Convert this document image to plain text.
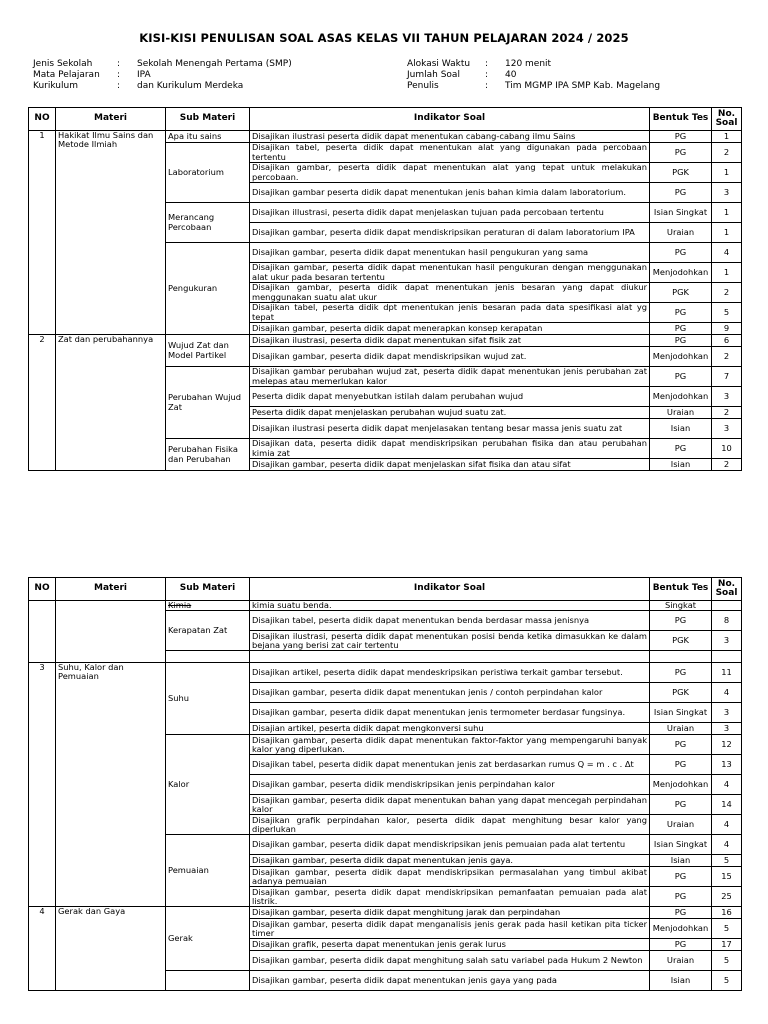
KISI-KISI PENULISAN SOAL ASAS KELAS VII TAHUN PELAJARAN 2024 / 2025
Jenis Sekolah	:	Sekolah Menengah Pertama (SMP)
Mata Pelajaran	:	IPA
Kurikulum	:	dan Kurikulum Merdeka
Alokasi Waktu	:	120 menit
Jumlah Soal	:	40
Penulis	:	Tim MGMP IPA SMP Kab. Magelang
NO	Materi	Sub Materi	Indikator Soal	Bentuk Tes	No. Soal
1	Hakikat Ilmu Sains dan Metode Ilmiah	Apa itu sains	Disajikan ilustrasi peserta didik dapat menentukan cabang-cabang ilmu Sains	PG	1
		Laboratorium	Disajikan tabel, peserta didik dapat menentukan alat yang digunakan pada percobaan tertentu	PG	2
			Disajikan gambar, peserta didik dapat menentukan alat yang tepat untuk melakukan percobaan.	PGK	1
			Disajikan gambar peserta didik dapat menentukan jenis bahan kimia dalam laboratorium.	PG	3
		Merancang Percobaan	Disajikan illustrasi, peserta didik dapat menjelaskan tujuan pada percobaan tertentu	Isian Singkat	1
			Disajikan gambar, peserta didik dapat mendiskripsikan peraturan di dalam laboratorium IPA	Uraian	1
		Pengukuran	Disajikan gambar, peserta didik dapat menentukan hasil pengukuran yang sama	PG	4
			Disajikan gambar, peserta didik dapat menentukan hasil pengukuran dengan menggunakan alat ukur pada besaran tertentu	Menjodohkan	1
			Disajikan gambar, peserta didik dapat menentukan jenis besaran yang dapat diukur menggunakan suatu alat ukur	PGK	2
			Disajikan tabel, peserta didik dpt menentukan jenis besaran pada data spesifikasi alat yg tepat	PG	5
			Disajikan gambar, peserta didik dapat menerapkan konsep kerapatan	PG	9
2	Zat dan perubahannya	Wujud Zat dan Model Partikel	Disajikan ilustrasi, peserta didik dapat menentukan sifat fisik zat	PG	6
			Disajikan gambar, peserta didik dapat mendiskripsikan wujud zat.	Menjodohkan	2
		Perubahan Wujud Zat	Disajikan gambar perubahan wujud zat, peserta didik dapat menentukan jenis perubahan zat melepas atau memerlukan kalor	PG	7
			Peserta didik dapat menyebutkan istilah dalam perubahan wujud	Menjodohkan	3
			Peserta didik dapat menjelaskan perubahan wujud suatu zat.	Uraian	2
			Disajikan ilustrasi peserta didik dapat menjelasakan tentang besar massa jenis suatu zat	Isian	3
		Perubahan Fisika dan Perubahan	Disajikan data, peserta didik dapat mendiskripsikan perubahan fisika dan atau perubahan kimia zat	PG	10
			Disajikan gambar, peserta didik dapat menjelaskan sifat fisika dan atau sifat	Isian	2
NO	Materi	Sub Materi	Indikator Soal	Bentuk Tes	No. Soal
		Kimia	kimia suatu benda.	Singkat	
		Kerapatan Zat	Disajikan tabel, peserta didik dapat menentukan benda berdasar massa jenisnya	PG	8
			Disajikan ilustrasi, peserta didik dapat menentukan posisi benda ketika dimasukkan ke dalam bejana yang berisi zat cair tertentu	PGK	3

3	Suhu, Kalor dan Pemuaian	Suhu	Disajikan artikel, peserta didik dapat mendeskripsikan peristiwa terkait gambar tersebut.	PG	11
			Disajikan gambar, peserta didik dapat menentukan jenis / contoh perpindahan kalor	PGK	4
			Disajikan gambar, peserta didik dapat menentukan jenis termometer berdasar fungsinya.	Isian Singkat	3
			Disajian artikel, peserta didik dapat mengkonversi suhu	Uraian	3
		Kalor	Disajikan gambar, peserta didik dapat menentukan faktor-faktor yang mempengaruhi banyak kalor yang diperlukan.	PG	12
			Disajikan tabel, peserta didik dapat menentukan jenis zat berdasarkan rumus Q = m . c . Δt	PG	13
			Disajikan gambar, peserta didik mendiskripsikan jenis perpindahan kalor	Menjodohkan	4
			Disajikan gambar, peserta didik dapat menentukan bahan yang dapat mencegah perpindahan kalor	PG	14
			Disajikan grafik perpindahan kalor, peserta didik dapat menghitung besar kalor yang diperlukan	Uraian	4
		Pemuaian	Disajikan gambar, peserta didik dapat mendiskripsikan jenis pemuaian pada alat tertentu	Isian Singkat	4
			Disajikan gambar, peserta didik dapat menentukan jenis gaya.	Isian	5
			Disajikan gambar, peserta didik dapat mendiskripsikan permasalahan yang timbul akibat adanya pemuaian	PG	15
			Disajikan gambar, peserta didik dapat mendiskripsikan pemanfaatan pemuaian pada alat listrik.	PG	25
4	Gerak dan Gaya	Gerak	Disajikan gambar, peserta didik dapat menghitung jarak dan perpindahan	PG	16
			Disajikan gambar, peserta didik dapat menganalisis jenis gerak pada hasil ketikan pita ticker timer	Menjodohkan	5
			Disajikan grafik, peserta dapat menentukan jenis gerak lurus	PG	17
			Disajikan gambar, peserta didik dapat menghitung salah satu variabel pada Hukum 2 Newton	Uraian	5
			Disajikan gambar, peserta didik dapat menentukan jenis gaya yang pada	Isian	5
